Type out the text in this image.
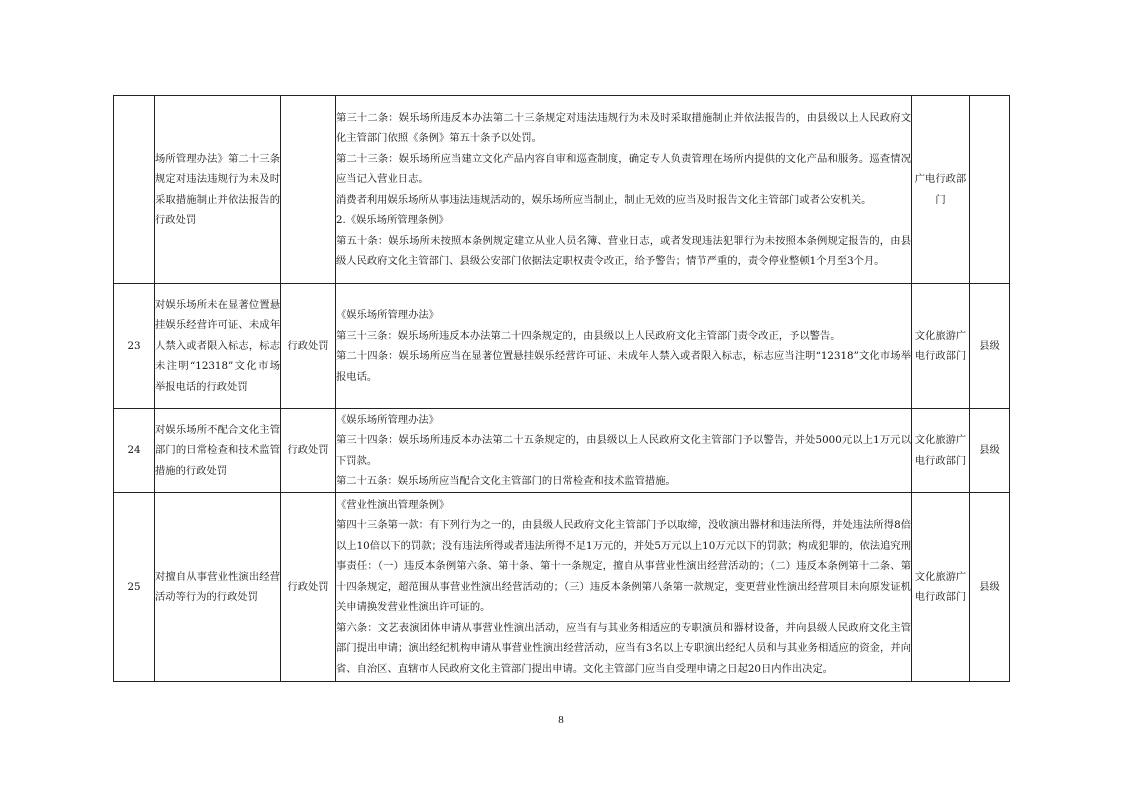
	场所管理办法》第二十三条规定对违法违规行为未及时采取措施制止并依法报告的行政处罚		第三十二条：娱乐场所违反本办法第二十三条规定对违法违规行为未及时采取措施制止并依法报告的，由县级以上人民政府文化主管部门依照《条例》第五十条予以处罚。
第二十三条：娱乐场所应当建立文化产品内容自审和巡查制度，确定专人负责管理在场所内提供的文化产品和服务。巡查情况应当记入营业日志。
消费者利用娱乐场所从事违法违规活动的，娱乐场所应当制止，制止无效的应当及时报告文化主管部门或者公安机关。
2.《娱乐场所管理条例》
第五十条：娱乐场所未按照本条例规定建立从业人员名簿、营业日志，或者发现违法犯罪行为未按照本条例规定报告的，由县级人民政府文化主管部门、县级公安部门依据法定职权责令改正，给予警告；情节严重的，责令停业整顿1个月至3个月。	广电行政部门	
23	对娱乐场所未在显著位置悬挂娱乐经营许可证、未成年人禁入或者限入标志，标志未注明“12318”文化市场举报电话的行政处罚	行政处罚	《娱乐场所管理办法》
第三十三条：娱乐场所违反本办法第二十四条规定的，由县级以上人民政府文化主管部门责令改正，予以警告。
第二十四条：娱乐场所应当在显著位置悬挂娱乐经营许可证、未成年人禁入或者限入标志，标志应当注明“12318”文化市场举报电话。	文化旅游广电行政部门	县级
24	对娱乐场所不配合文化主管部门的日常检查和技术监管措施的行政处罚	行政处罚	《娱乐场所管理办法》
第三十四条：娱乐场所违反本办法第二十五条规定的，由县级以上人民政府文化主管部门予以警告，并处5000元以上1万元以下罚款。
第二十五条：娱乐场所应当配合文化主管部门的日常检查和技术监管措施。	文化旅游广电行政部门	县级
25	对擅自从事营业性演出经营活动等行为的行政处罚	行政处罚	《营业性演出管理条例》
第四十三条第一款：有下列行为之一的，由县级人民政府文化主管部门予以取缔，没收演出器材和违法所得，并处违法所得8倍以上10倍以下的罚款；没有违法所得或者违法所得不足1万元的，并处5万元以上10万元以下的罚款；构成犯罪的，依法追究刑事责任：（一）违反本条例第六条、第十条、第十一条规定，擅自从事营业性演出经营活动的；（二）违反本条例第十二条、第十四条规定，超范围从事营业性演出经营活动的；（三）违反本条例第八条第一款规定，变更营业性演出经营项目未向原发证机关申请换发营业性演出许可证的。
第六条：文艺表演团体申请从事营业性演出活动，应当有与其业务相适应的专职演员和器材设备，并向县级人民政府文化主管部门提出申请；演出经纪机构申请从事营业性演出经营活动，应当有3名以上专职演出经纪人员和与其业务相适应的资金，并向省、自治区、直辖市人民政府文化主管部门提出申请。文化主管部门应当自受理申请之日起20日内作出决定。	文化旅游广电行政部门	县级
8
